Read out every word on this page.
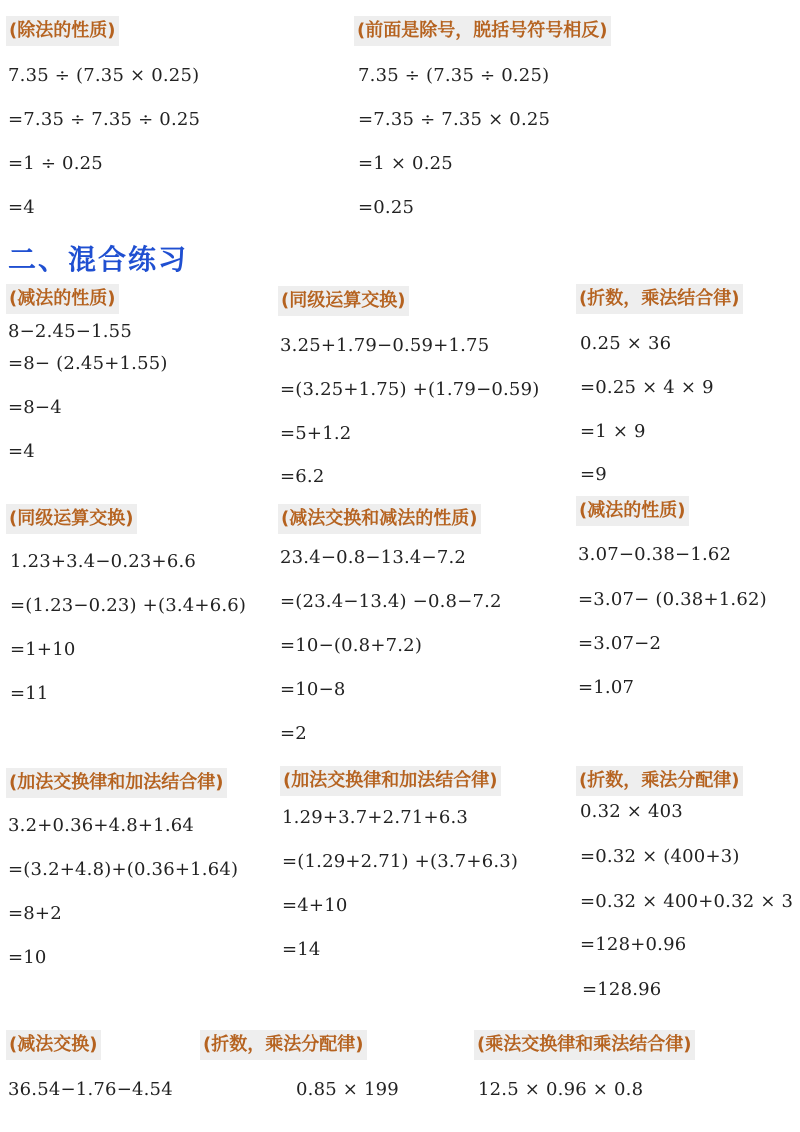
(除法的性质)
7.35 ÷ (7.35 × 0.25)
=7.35 ÷ 7.35 ÷ 0.25
=1 ÷ 0.25
=4
(前面是除号，脱括号符号相反)
7.35 ÷ (7.35 ÷ 0.25)
=7.35 ÷ 7.35 × 0.25
=1 × 0.25
=0.25
二、混合练习
(减法的性质)
8−2.45−1.55
=8− (2.45+1.55)
=8−4
=4
(同级运算交换)
3.25+1.79−0.59+1.75
=(3.25+1.75) +(1.79−0.59)
=5+1.2
=6.2
(折数，乘法结合律)
0.25 × 36
=0.25 × 4 × 9
=1 × 9
=9
(同级运算交换)
1.23+3.4−0.23+6.6
=(1.23−0.23) +(3.4+6.6)
=1+10
=11
(减法交换和减法的性质)
23.4−0.8−13.4−7.2
=(23.4−13.4) −0.8−7.2
=10−(0.8+7.2)
=10−8
=2
(减法的性质)
3.07−0.38−1.62
=3.07− (0.38+1.62)
=3.07−2
=1.07
(加法交换律和加法结合律)
3.2+0.36+4.8+1.64
=(3.2+4.8)+(0.36+1.64)
=8+2
=10
(加法交换律和加法结合律)
1.29+3.7+2.71+6.3
=(1.29+2.71) +(3.7+6.3)
=4+10
=14
(折数，乘法分配律)
0.32 × 403
=0.32 × (400+3)
=0.32 × 400+0.32 × 3
=128+0.96
=128.96
(减法交换)
36.54−1.76−4.54
(折数，乘法分配律)
0.85 × 199
(乘法交换律和乘法结合律)
12.5 × 0.96 × 0.8
